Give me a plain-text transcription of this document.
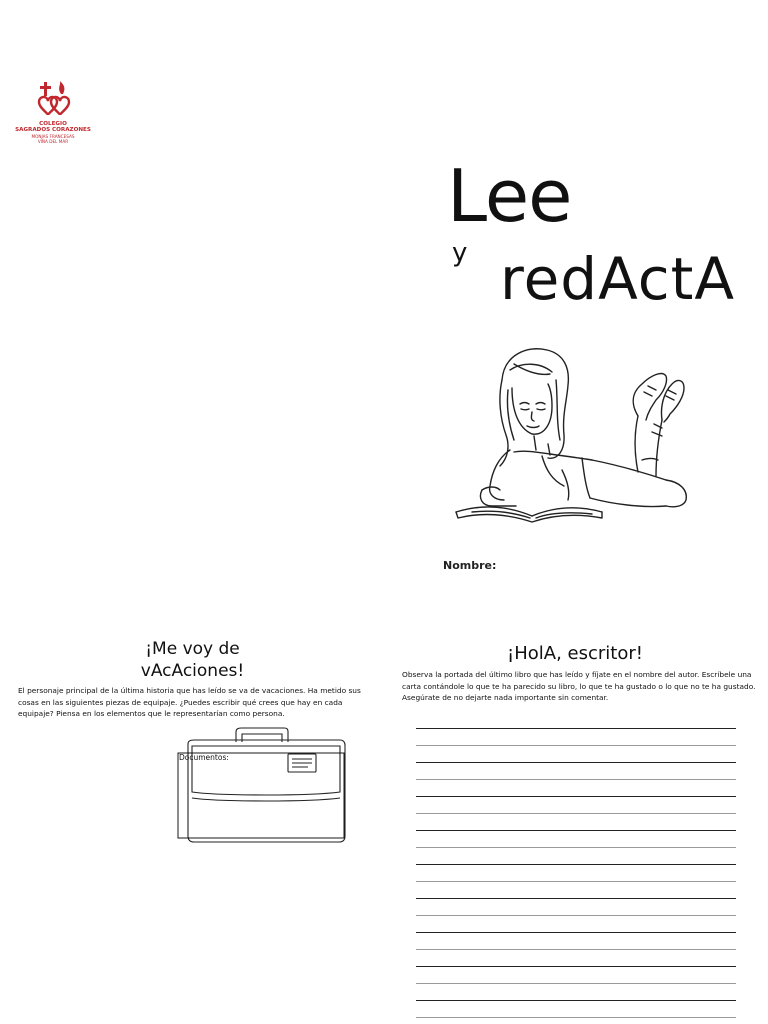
COLEGIO
SAGRADOS CORAZONES
MONJAS FRANCESAS
VIÑA DEL MAR
Lee
y redActA
Nombre:
¡Me voy de
vAcAciones!
El personaje principal de la última historia que has leído se va de vacaciones. Ha metido sus cosas en las siguientes piezas de equipaje. ¿Puedes escribir qué crees que hay en cada equipaje? Piensa en los elementos que le representarían como persona.
Documentos:
¡HolA, escritor!
Observa la portada del último libro que has leído y fíjate en el nombre del autor. Escríbele una carta contándole lo que te ha parecido su libro, lo que te ha gustado o lo que no te ha gustado. Asegúrate de no dejarte nada importante sin comentar.
